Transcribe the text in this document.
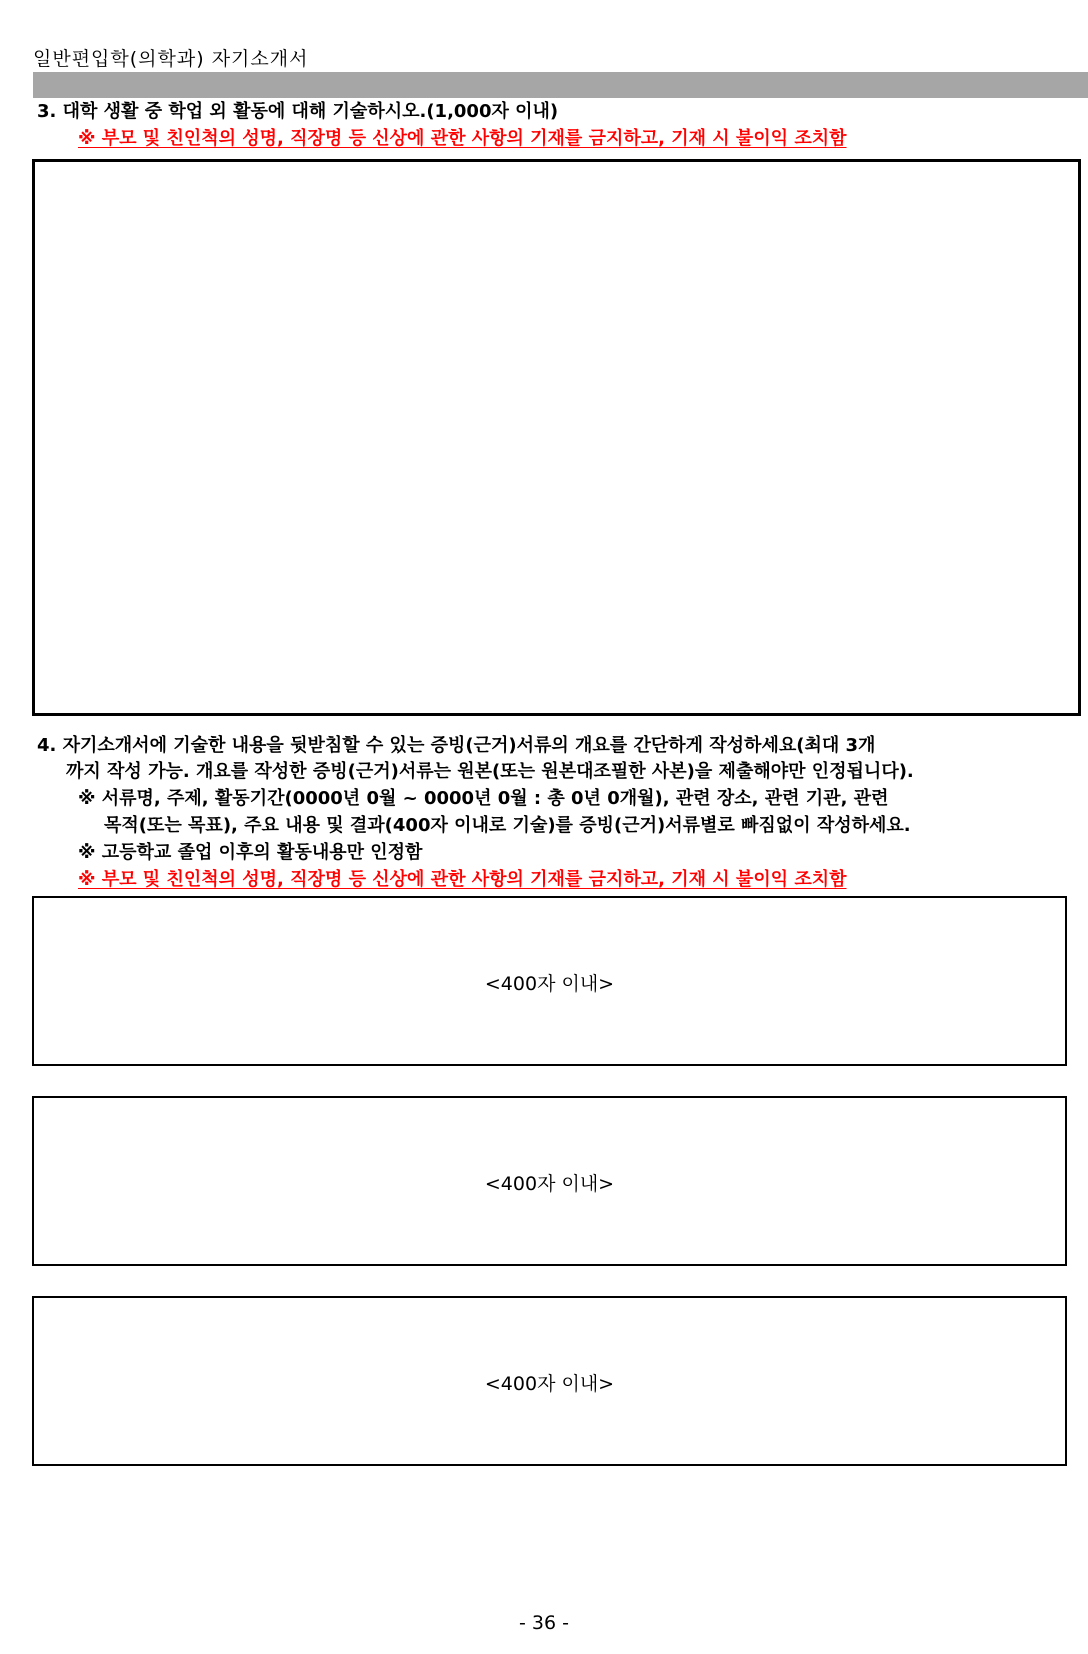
일반편입학(의학과) 자기소개서
3. 대학 생활 중 학업 외 활동에 대해 기술하시오.(1,000자 이내)
※ 부모 및 친인척의 성명, 직장명 등 신상에 관한 사항의 기재를 금지하고, 기재 시 불이익 조치함
4. 자기소개서에 기술한 내용을 뒷받침할 수 있는 증빙(근거)서류의 개요를 간단하게 작성하세요(최대 3개
까지 작성 가능. 개요를 작성한 증빙(근거)서류는 원본(또는 원본대조필한 사본)을 제출해야만 인정됩니다).
※ 서류명, 주제, 활동기간(0000년 0월 ~ 0000년 0월 : 총 0년 0개월), 관련 장소, 관련 기관, 관련
목적(또는 목표), 주요 내용 및 결과(400자 이내로 기술)를 증빙(근거)서류별로 빠짐없이 작성하세요.
※ 고등학교 졸업 이후의 활동내용만 인정함
※ 부모 및 친인척의 성명, 직장명 등 신상에 관한 사항의 기재를 금지하고, 기재 시 불이익 조치함
<400자 이내>
<400자 이내>
<400자 이내>
- 36 -
